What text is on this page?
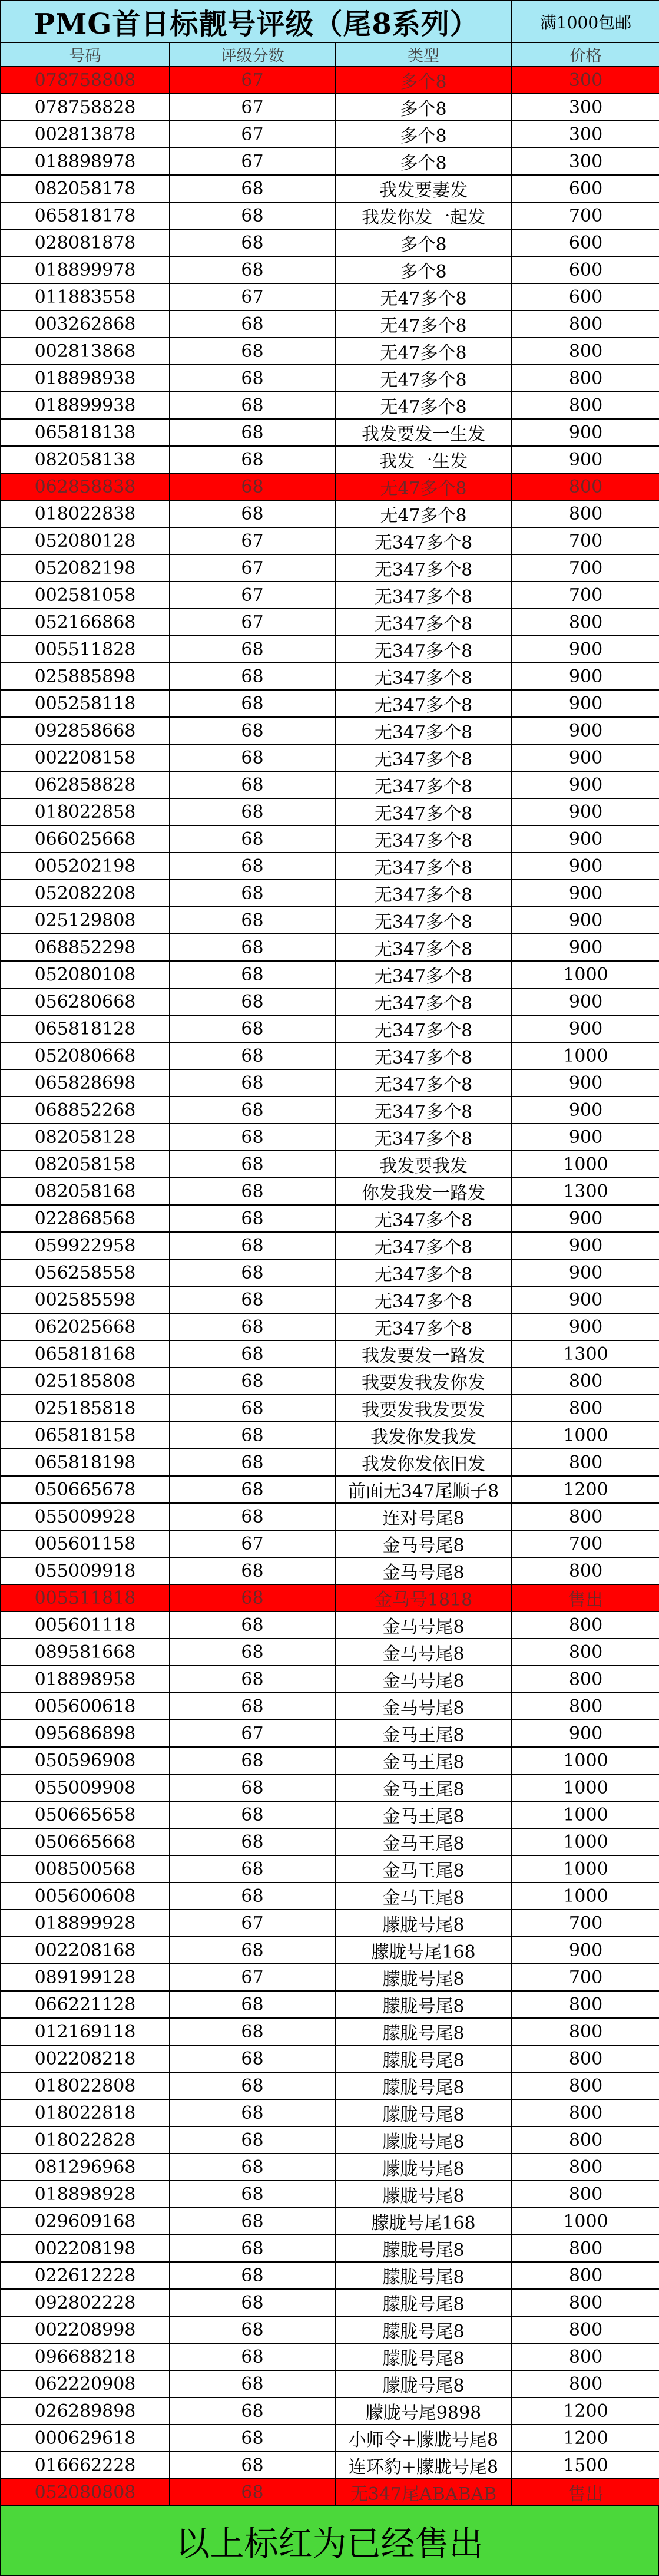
PMG首日标靓号评级（尾8系列）			满1000包邮
号码	评级分数	类型	价格
078758808	67	多个8	300
078758828	67	多个8	300
002813878	67	多个8	300
018898978	67	多个8	300
082058178	68	我发要妻发	600
065818178	68	我发你发一起发	700
028081878	68	多个8	600
018899978	68	多个8	600
011883558	67	无47多个8	600
003262868	68	无47多个8	800
002813868	68	无47多个8	800
018898938	68	无47多个8	800
018899938	68	无47多个8	800
065818138	68	我发要发一生发	900
082058138	68	我发一生发	900
062858838	68	无47多个8	800
018022838	68	无47多个8	800
052080128	67	无347多个8	700
052082198	67	无347多个8	700
002581058	67	无347多个8	700
052166868	67	无347多个8	800
005511828	68	无347多个8	900
025885898	68	无347多个8	900
005258118	68	无347多个8	900
092858668	68	无347多个8	900
002208158	68	无347多个8	900
062858828	68	无347多个8	900
018022858	68	无347多个8	900
066025668	68	无347多个8	900
005202198	68	无347多个8	900
052082208	68	无347多个8	900
025129808	68	无347多个8	900
068852298	68	无347多个8	900
052080108	68	无347多个8	1000
056280668	68	无347多个8	900
065818128	68	无347多个8	900
052080668	68	无347多个8	1000
065828698	68	无347多个8	900
068852268	68	无347多个8	900
082058128	68	无347多个8	900
082058158	68	我发要我发	1000
082058168	68	你发我发一路发	1300
022868568	68	无347多个8	900
059922958	68	无347多个8	900
056258558	68	无347多个8	900
002585598	68	无347多个8	900
062025668	68	无347多个8	900
065818168	68	我发要发一路发	1300
025185808	68	我要发我发你发	800
025185818	68	我要发我发要发	800
065818158	68	我发你发我发	1000
065818198	68	我发你发依旧发	800
050665678	68	前面无347尾顺子8	1200
055009928	68	连对号尾8	800
005601158	67	金马号尾8	700
055009918	68	金马号尾8	800
005511818	68	金马号1818	售出
005601118	68	金马号尾8	800
089581668	68	金马号尾8	800
018898958	68	金马号尾8	800
005600618	68	金马号尾8	800
095686898	67	金马王尾8	900
050596908	68	金马王尾8	1000
055009908	68	金马王尾8	1000
050665658	68	金马王尾8	1000
050665668	68	金马王尾8	1000
008500568	68	金马王尾8	1000
005600608	68	金马王尾8	1000
018899928	67	朦胧号尾8	700
002208168	68	朦胧号尾168	900
089199128	67	朦胧号尾8	700
066221128	68	朦胧号尾8	800
012169118	68	朦胧号尾8	800
002208218	68	朦胧号尾8	800
018022808	68	朦胧号尾8	800
018022818	68	朦胧号尾8	800
018022828	68	朦胧号尾8	800
081296968	68	朦胧号尾8	800
018898928	68	朦胧号尾8	800
029609168	68	朦胧号尾168	1000
002208198	68	朦胧号尾8	800
022612228	68	朦胧号尾8	800
092802228	68	朦胧号尾8	800
002208998	68	朦胧号尾8	800
096688218	68	朦胧号尾8	800
062220908	68	朦胧号尾8	800
026289898	68	朦胧号尾9898	1200
000629618	68	小师令+朦胧号尾8	1200
016662228	68	连环豹+朦胧号尾8	1500
052080808	68	无347尾ABABAB	售出
以上标红为已经售出
